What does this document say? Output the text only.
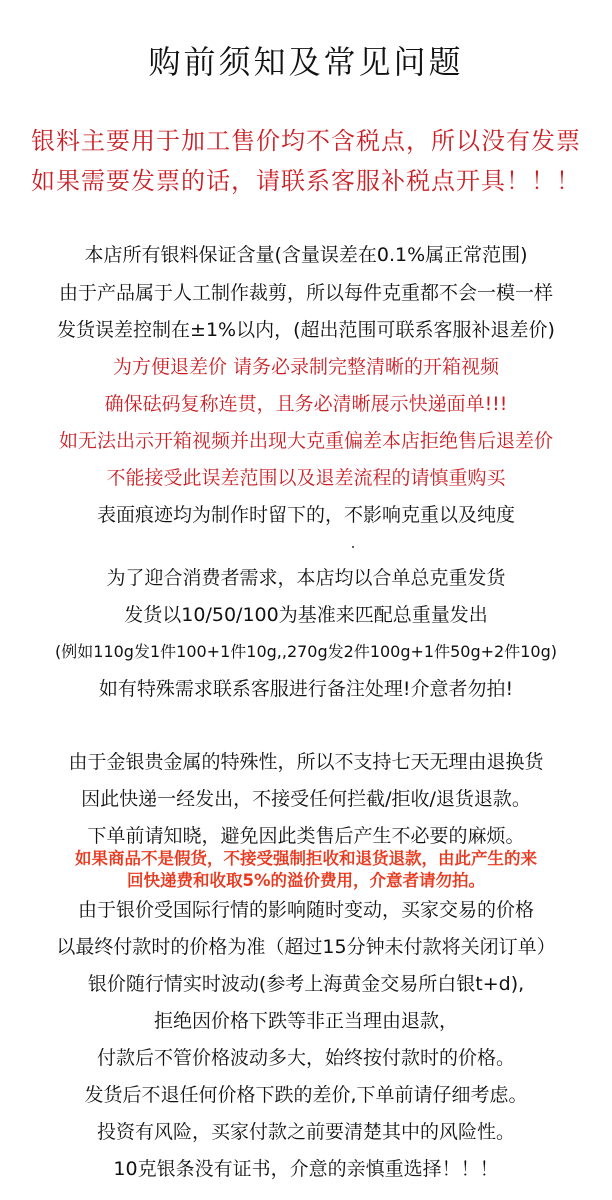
购前须知及常见问题
银料主要用于加工售价均不含税点，所以没有发票
如果需要发票的话，请联系客服补税点开具！！！
本店所有银料保证含量(含量误差在0.1%属正常范围)
由于产品属于人工制作裁剪，所以每件克重都不会一模一样
发货误差控制在±1%以内，(超出范围可联系客服补退差价)
为方便退差价 请务必录制完整清晰的开箱视频
确保砝码复称连贯，且务必清晰展示快递面单!!!
如无法出示开箱视频并出现大克重偏差本店拒绝售后退差价
不能接受此误差范围以及退差流程的请慎重购买
表面痕迹均为制作时留下的，不影响克重以及纯度
为了迎合消费者需求，本店均以合单总克重发货
发货以10/50/100为基准来匹配总重量发出
(例如110g发1件100+1件10g,,270g发2件100g+1件50g+2件10g)
如有特殊需求联系客服进行备注处理!介意者勿拍!
由于金银贵金属的特殊性，所以不支持七天无理由退换货
因此快递一经发出，不接受任何拦截/拒收/退货退款。
下单前请知晓，避免因此类售后产生不必要的麻烦。
如果商品不是假货，不接受强制拒收和退货退款，由此产生的来
回快递费和收取5%的溢价费用，介意者请勿拍。
由于银价受国际行情的影响随时变动，买家交易的价格
以最终付款时的价格为准（超过15分钟未付款将关闭订单）
银价随行情实时波动(参考上海黄金交易所白银t+d),
拒绝因价格下跌等非正当理由退款，
付款后不管价格波动多大，始终按付款时的价格。
发货后不退任何价格下跌的差价,下单前请仔细考虑。
投资有风险，买家付款之前要清楚其中的风险性。
10克银条没有证书，介意的亲慎重选择！！！
